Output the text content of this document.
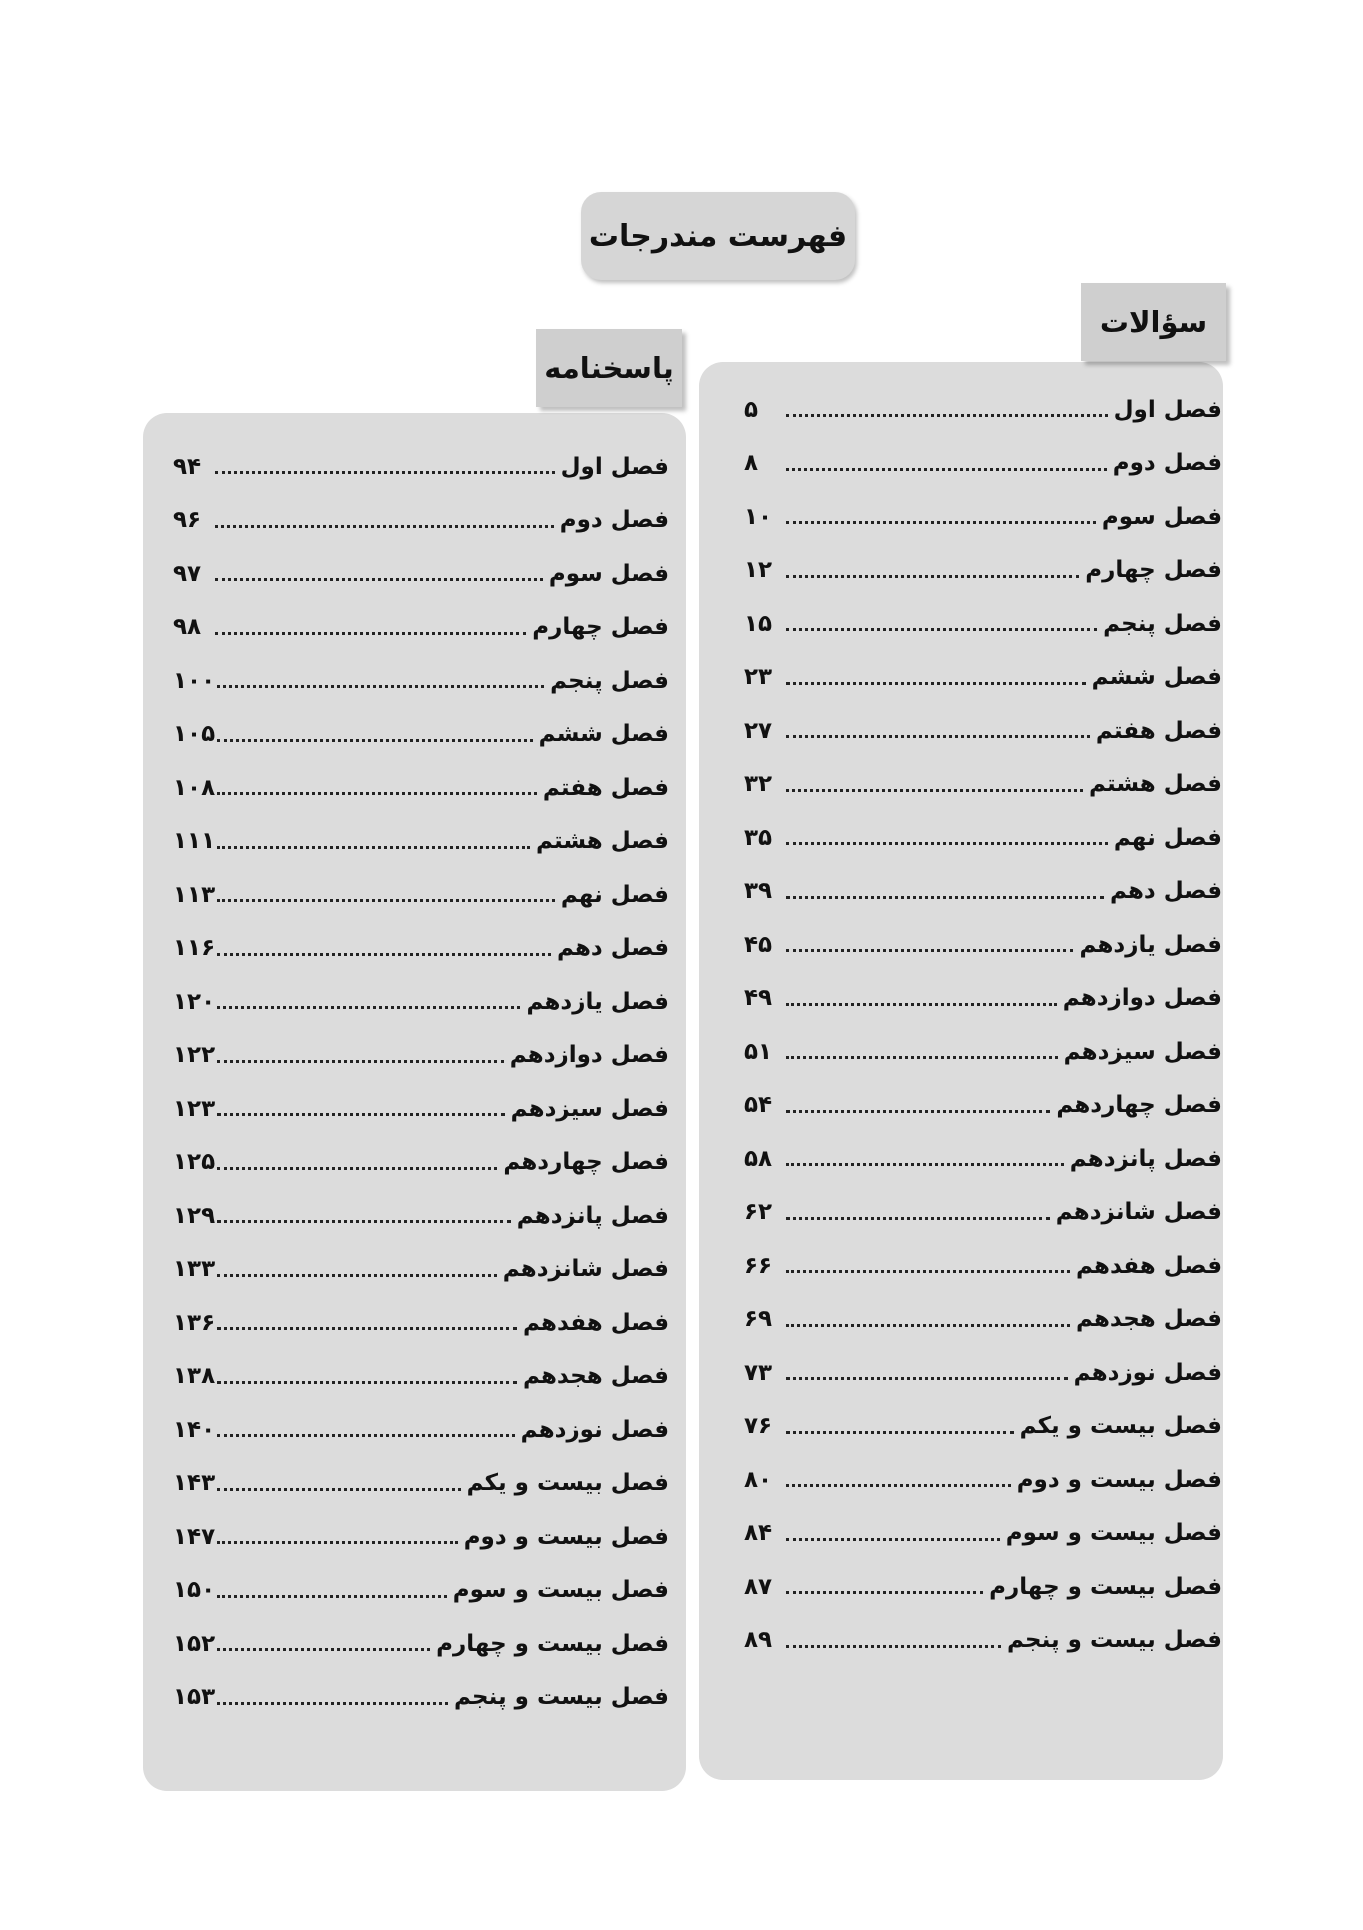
فهرست مندرجات
سؤالات
فصل اول
۵
فصل دوم
۸
فصل سوم
۱۰
فصل چهارم
۱۲
فصل پنجم
۱۵
فصل ششم
۲۳
فصل هفتم
۲۷
فصل هشتم
۳۲
فصل نهم
۳۵
فصل دهم
۳۹
فصل یازدهم
۴۵
فصل دوازدهم
۴۹
فصل سیزدهم
۵۱
فصل چهاردهم
۵۴
فصل پانزدهم
۵۸
فصل شانزدهم
۶۲
فصل هفدهم
۶۶
فصل هجدهم
۶۹
فصل نوزدهم
۷۳
فصل بیست و یکم
۷۶
فصل بیست و دوم
۸۰
فصل بیست و سوم
۸۴
فصل بیست و چهارم
۸۷
فصل بیست و پنجم
۸۹
پاسخنامه
فصل اول
۹۴
فصل دوم
۹۶
فصل سوم
۹۷
فصل چهارم
۹۸
فصل پنجم
۱۰۰
فصل ششم
۱۰۵
فصل هفتم
۱۰۸
فصل هشتم
۱۱۱
فصل نهم
۱۱۳
فصل دهم
۱۱۶
فصل یازدهم
۱۲۰
فصل دوازدهم
۱۲۲
فصل سیزدهم
۱۲۳
فصل چهاردهم
۱۲۵
فصل پانزدهم
۱۲۹
فصل شانزدهم
۱۳۳
فصل هفدهم
۱۳۶
فصل هجدهم
۱۳۸
فصل نوزدهم
۱۴۰
فصل بیست و یکم
۱۴۳
فصل بیست و دوم
۱۴۷
فصل بیست و سوم
۱۵۰
فصل بیست و چهارم
۱۵۲
فصل بیست و پنجم
۱۵۳
